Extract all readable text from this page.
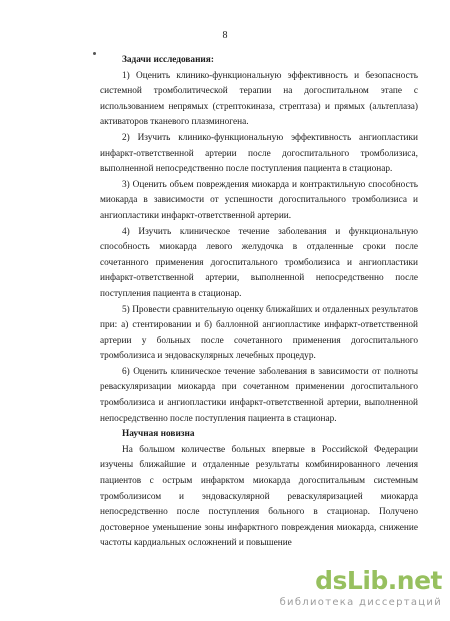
8

Задачи исследования:

1) Оценить клинико-функциональную эффективность и безопасность системной тромболитической терапии на догоспитальном этапе с использованием непрямых (стрептокиназа, стрептаза) и прямых (альтеплаза) активаторов тканевого плазминогена.

2) Изучить клинико-функциональную эффективность ангиопластики инфаркт-ответственной артерии после догоспитального тромболизиса, выполненной непосредственно после поступления пациента в стационар.

3) Оценить объем повреждения миокарда и контрактильную способность миокарда в зависимости от успешности догоспитального тромболизиса и ангиопластики инфаркт-ответственной артерии.

4) Изучить клиническое течение заболевания и функциональную способность миокарда левого желудочка в отдаленные сроки после сочетанного применения догоспитального тромболизиса и ангиопластики инфаркт-ответственной артерии, выполненной непосредственно после поступления пациента в стационар.

5) Провести сравнительную оценку ближайших и отдаленных результатов при: а) стентировании и б) баллонной ангиопластике инфаркт-ответственной артерии у больных после сочетанного применения догоспитального тромболизиса и эндоваскулярных лечебных процедур.

6) Оценить клиническое течение заболевания в зависимости от полноты реваскуляризации миокарда при сочетанном применении догоспитального тромболизиса и ангиопластики инфаркт-ответственной артерии, выполненной непосредственно после поступления пациента в стационар.

Научная новизна

На большом количестве больных впервые в Российской Федерации изучены ближайшие и отдаленные результаты комбинированного лечения пациентов с острым инфарктом миокарда догоспитальным системным тромболизисом и эндоваскулярной реваскуляризацией миокарда непосредственно после поступления больного в стационар. Получено достоверное уменьшение зоны инфарктного повреждения миокарда, снижение частоты кардиальных осложнений и повышение

dsLib.net
библиотека диссертаций
